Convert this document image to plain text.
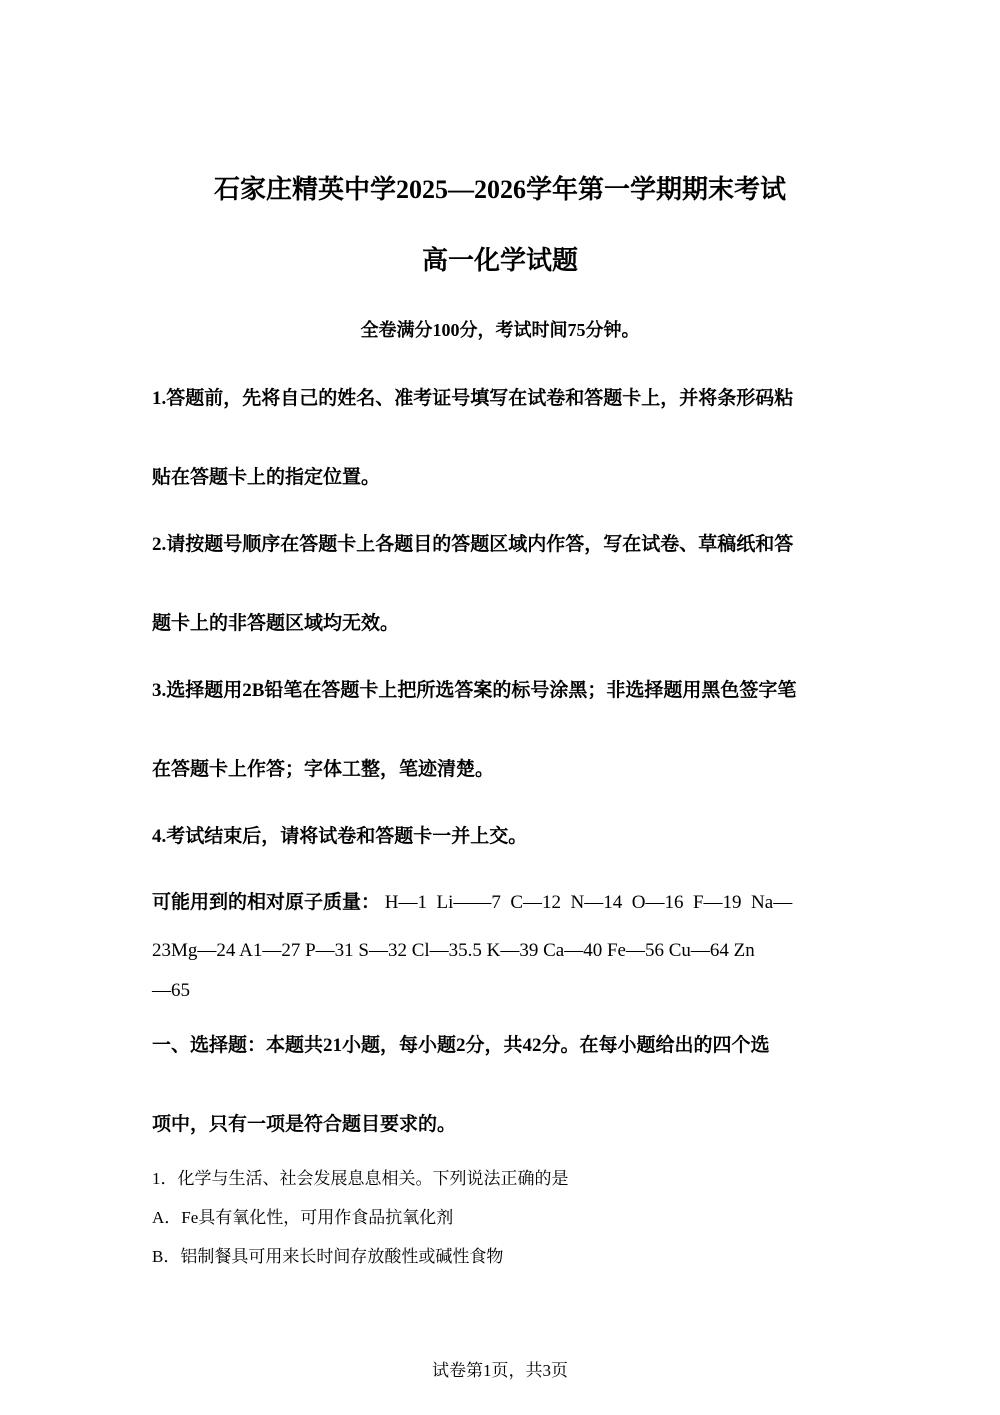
石家庄精英中学2025—2026学年第一学期期末考试
高一化学试题
全卷满分100分，考试时间75分钟。
1.答题前，先将自己的姓名、准考证号填写在试卷和答题卡上，并将条形码粘
贴在答题卡上的指定位置。
2.请按题号顺序在答题卡上各题目的答题区域内作答，写在试卷、草稿纸和答
题卡上的非答题区域均无效。
3.选择题用2B铅笔在答题卡上把所选答案的标号涂黑；非选择题用黑色签字笔
在答题卡上作答；字体工整，笔迹清楚。
4.考试结束后，请将试卷和答题卡一并上交。
可能用到的相对原子质量： H—1  Li——7  C—12  N—14  O—16  F—19  Na—
23Mg—24 A1—27 P—31 S—32 Cl—35.5 K—39 Ca—40 Fe—56 Cu—64 Zn
—65
一、选择题：本题共21小题，每小题2分，共42分。在每小题给出的四个选
项中，只有一项是符合题目要求的。
1．化学与生活、社会发展息息相关。下列说法正确的是
A．Fe具有氧化性，可用作食品抗氧化剂
B．铝制餐具可用来长时间存放酸性或碱性食物
试卷第1页，共3页
